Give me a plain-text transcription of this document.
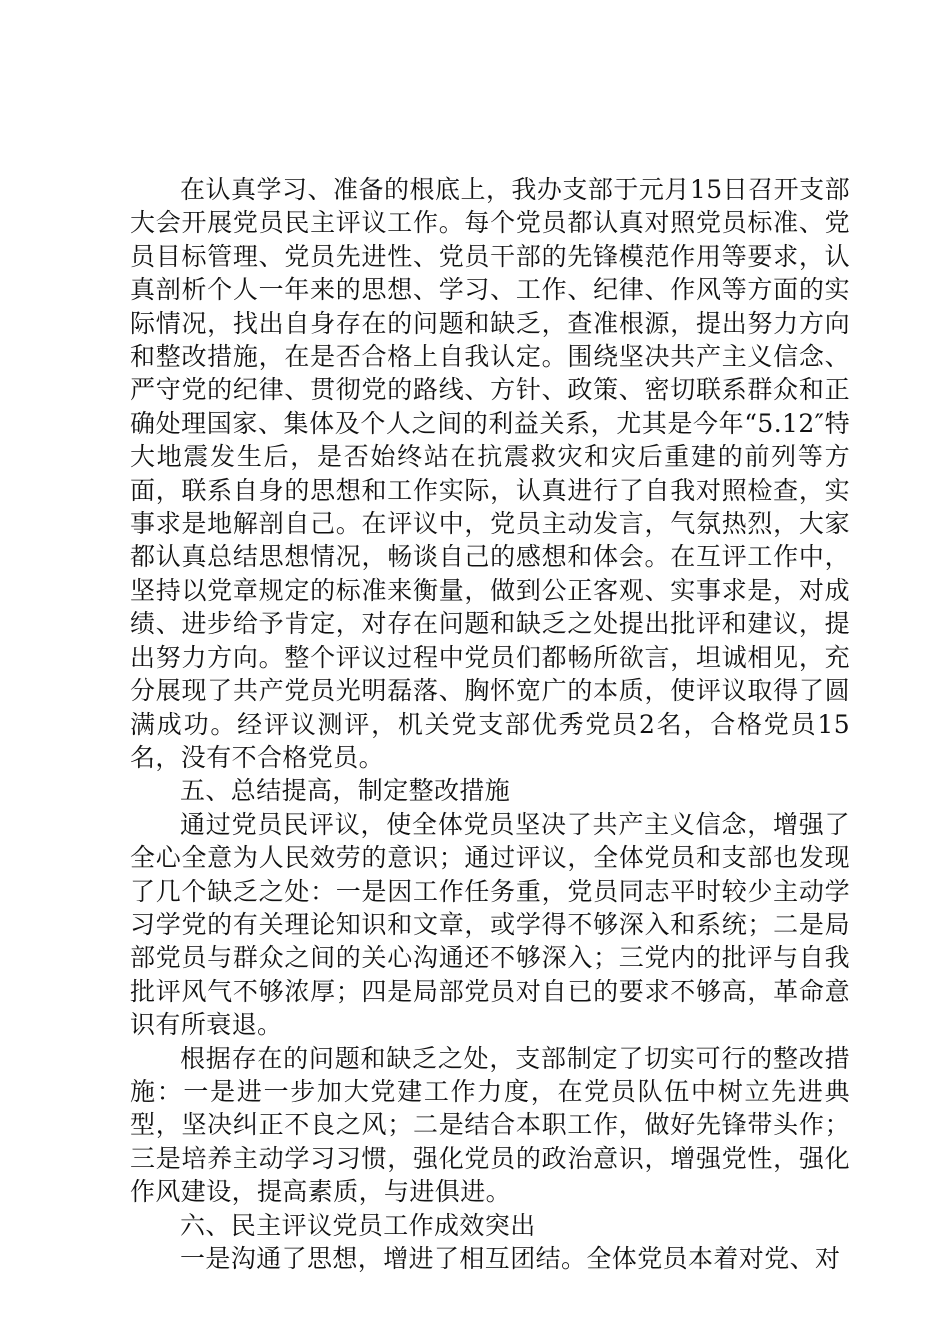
在认真学习、准备的根底上，我办支部于元月15日召开支部大会开展党员民主评议工作。每个党员都认真对照党员标准、党员目标管理、党员先进性、党员干部的先锋模范作用等要求，认真剖析个人一年来的思想、学习、工作、纪律、作风等方面的实际情况，找出自身存在的问题和缺乏，查准根源，提出努力方向和整改措施，在是否合格上自我认定。围绕坚决共产主义信念、严守党的纪律、贯彻党的路线、方针、政策、密切联系群众和正确处理国家、集体及个人之间的利益关系，尤其是今年“5.12″特大地震发生后，是否始终站在抗震救灾和灾后重建的前列等方面，联系自身的思想和工作实际，认真进行了自我对照检查，实事求是地解剖自己。在评议中，党员主动发言，气氛热烈，大家都认真总结思想情况，畅谈自己的感想和体会。在互评工作中，坚持以党章规定的标准来衡量，做到公正客观、实事求是，对成绩、进步给予肯定，对存在问题和缺乏之处提出批评和建议，提出努力方向。整个评议过程中党员们都畅所欲言，坦诚相见，充分展现了共产党员光明磊落、胸怀宽广的本质，使评议取得了圆满成功。经评议测评，机关党支部优秀党员2名，合格党员15名，没有不合格党员。

五、总结提高，制定整改措施

通过党员民评议，使全体党员坚决了共产主义信念，增强了全心全意为人民效劳的意识；通过评议，全体党员和支部也发现了几个缺乏之处：一是因工作任务重，党员同志平时较少主动学习学党的有关理论知识和文章，或学得不够深入和系统；二是局部党员与群众之间的关心沟通还不够深入；三党内的批评与自我批评风气不够浓厚；四是局部党员对自已的要求不够高，革命意识有所衰退。

根据存在的问题和缺乏之处，支部制定了切实可行的整改措施：一是进一步加大党建工作力度，在党员队伍中树立先进典型，坚决纠正不良之风；二是结合本职工作，做好先锋带头作；三是培养主动学习习惯，强化党员的政治意识，增强党性，强化作风建设，提高素质，与进俱进。

六、民主评议党员工作成效突出

一是沟通了思想，增进了相互团结。全体党员本着对党、对
